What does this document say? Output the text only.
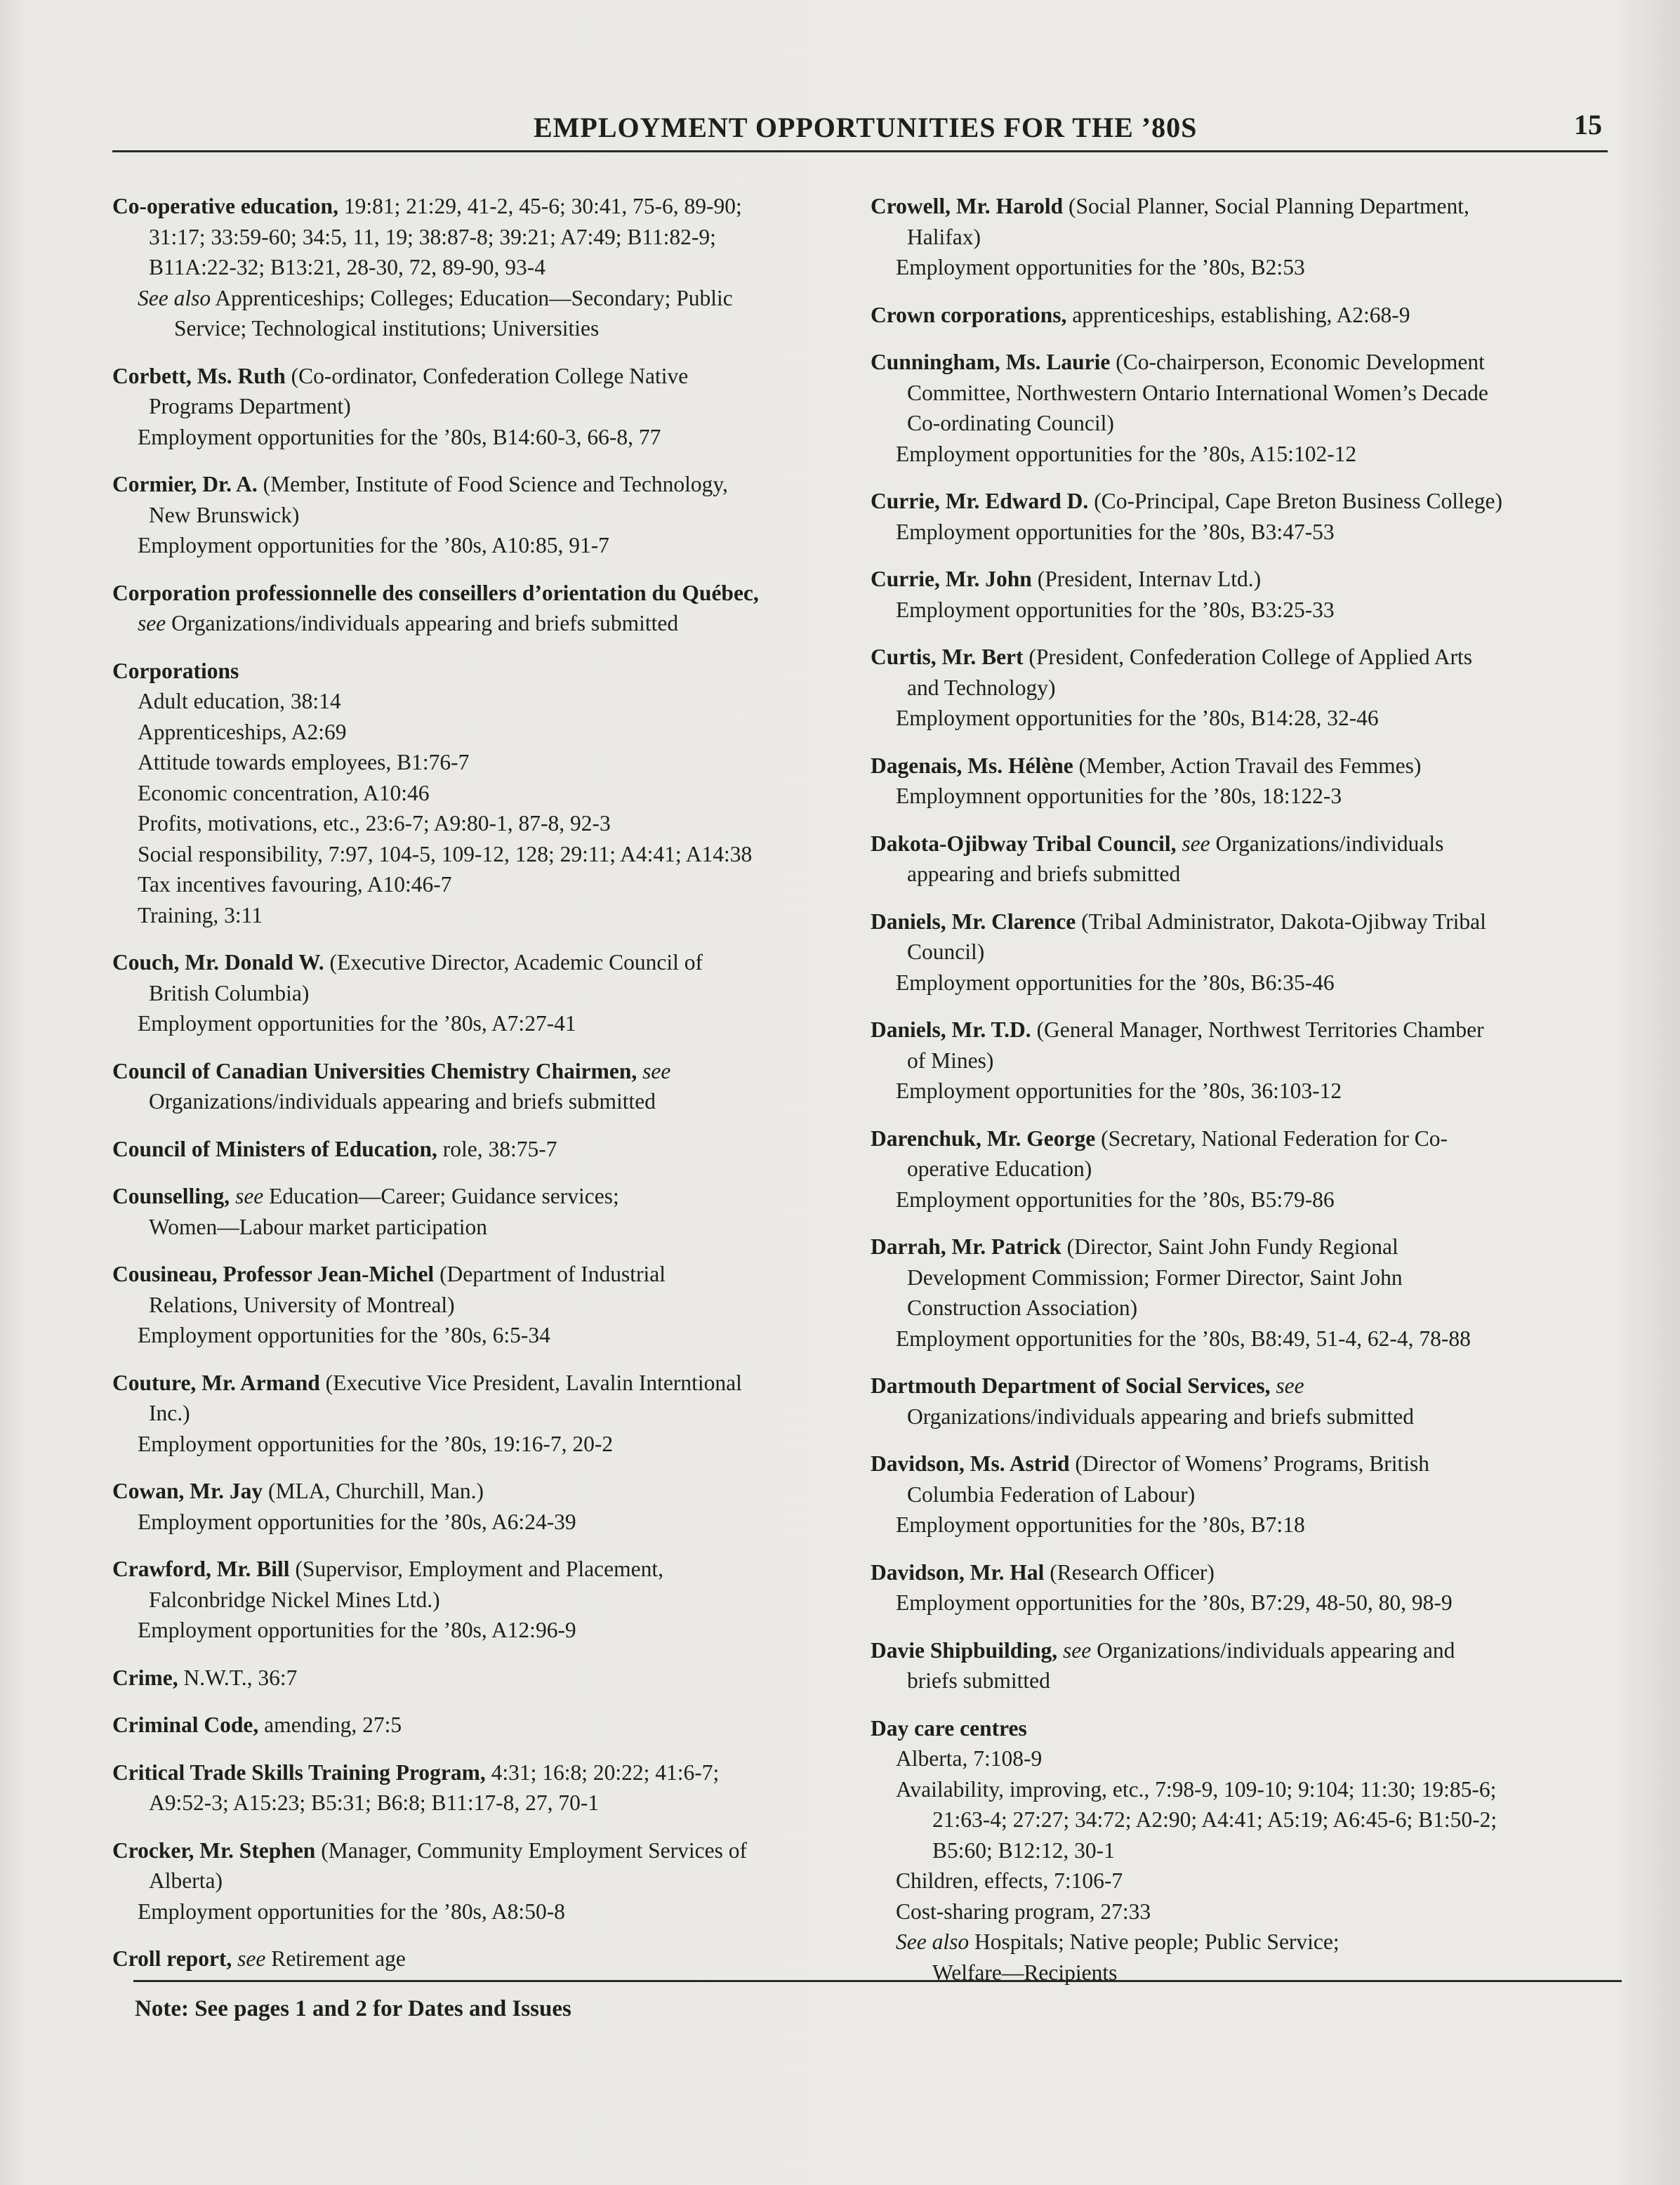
EMPLOYMENT OPPORTUNITIES FOR THE ’80S	15
Co-operative education, 19:81; 21:29, 41-2, 45-6; 30:41, 75-6, 89-90;
31:17; 33:59-60; 34:5, 11, 19; 38:87-8; 39:21; A7:49; B11:82-9;
B11A:22-32; B13:21, 28-30, 72, 89-90, 93-4
See also Apprenticeships; Colleges; Education—Secondary; Public
Service; Technological institutions; Universities
Corbett, Ms. Ruth (Co-ordinator, Confederation College Native
Programs Department)
Employment opportunities for the ’80s, B14:60-3, 66-8, 77
Cormier, Dr. A. (Member, Institute of Food Science and Technology,
New Brunswick)
Employment opportunities for the ’80s, A10:85, 91-7
Corporation professionnelle des conseillers d’orientation du Québec,
see Organizations/individuals appearing and briefs submitted
Corporations
Adult education, 38:14
Apprenticeships, A2:69
Attitude towards employees, B1:76-7
Economic concentration, A10:46
Profits, motivations, etc., 23:6-7; A9:80-1, 87-8, 92-3
Social responsibility, 7:97, 104-5, 109-12, 128; 29:11; A4:41; A14:38
Tax incentives favouring, A10:46-7
Training, 3:11
Couch, Mr. Donald W. (Executive Director, Academic Council of
British Columbia)
Employment opportunities for the ’80s, A7:27-41
Council of Canadian Universities Chemistry Chairmen, see
Organizations/individuals appearing and briefs submitted
Council of Ministers of Education, role, 38:75-7
Counselling, see Education—Career; Guidance services;
Women—Labour market participation
Cousineau, Professor Jean-Michel (Department of Industrial
Relations, University of Montreal)
Employment opportunities for the ’80s, 6:5-34
Couture, Mr. Armand (Executive Vice President, Lavalin Interntional
Inc.)
Employment opportunities for the ’80s, 19:16-7, 20-2
Cowan, Mr. Jay (MLA, Churchill, Man.)
Employment opportunities for the ’80s, A6:24-39
Crawford, Mr. Bill (Supervisor, Employment and Placement,
Falconbridge Nickel Mines Ltd.)
Employment opportunities for the ’80s, A12:96-9
Crime, N.W.T., 36:7
Criminal Code, amending, 27:5
Critical Trade Skills Training Program, 4:31; 16:8; 20:22; 41:6-7;
A9:52-3; A15:23; B5:31; B6:8; B11:17-8, 27, 70-1
Crocker, Mr. Stephen (Manager, Community Employment Services of
Alberta)
Employment opportunities for the ’80s, A8:50-8
Croll report, see Retirement age
Crowell, Mr. Harold (Social Planner, Social Planning Department,
Halifax)
Employment opportunities for the ’80s, B2:53
Crown corporations, apprenticeships, establishing, A2:68-9
Cunningham, Ms. Laurie (Co-chairperson, Economic Development
Committee, Northwestern Ontario International Women’s Decade
Co-ordinating Council)
Employment opportunities for the ’80s, A15:102-12
Currie, Mr. Edward D. (Co-Principal, Cape Breton Business College)
Employment opportunities for the ’80s, B3:47-53
Currie, Mr. John (President, Internav Ltd.)
Employment opportunities for the ’80s, B3:25-33
Curtis, Mr. Bert (President, Confederation College of Applied Arts
and Technology)
Employment opportunities for the ’80s, B14:28, 32-46
Dagenais, Ms. Hélène (Member, Action Travail des Femmes)
Employmnent opportunities for the ’80s, 18:122-3
Dakota-Ojibway Tribal Council, see Organizations/individuals
appearing and briefs submitted
Daniels, Mr. Clarence (Tribal Administrator, Dakota-Ojibway Tribal
Council)
Employment opportunities for the ’80s, B6:35-46
Daniels, Mr. T.D. (General Manager, Northwest Territories Chamber
of Mines)
Employment opportunities for the ’80s, 36:103-12
Darenchuk, Mr. George (Secretary, National Federation for Co-
operative Education)
Employment opportunities for the ’80s, B5:79-86
Darrah, Mr. Patrick (Director, Saint John Fundy Regional
Development Commission; Former Director, Saint John
Construction Association)
Employment opportunities for the ’80s, B8:49, 51-4, 62-4, 78-88
Dartmouth Department of Social Services, see
Organizations/individuals appearing and briefs submitted
Davidson, Ms. Astrid (Director of Womens’ Programs, British
Columbia Federation of Labour)
Employment opportunities for the ’80s, B7:18
Davidson, Mr. Hal (Research Officer)
Employment opportunities for the ’80s, B7:29, 48-50, 80, 98-9
Davie Shipbuilding, see Organizations/individuals appearing and
briefs submitted
Day care centres
Alberta, 7:108-9
Availability, improving, etc., 7:98-9, 109-10; 9:104; 11:30; 19:85-6;
21:63-4; 27:27; 34:72; A2:90; A4:41; A5:19; A6:45-6; B1:50-2;
B5:60; B12:12, 30-1
Children, effects, 7:106-7
Cost-sharing program, 27:33
See also Hospitals; Native people; Public Service;
Welfare—Recipients
Note: See pages 1 and 2 for Dates and Issues
